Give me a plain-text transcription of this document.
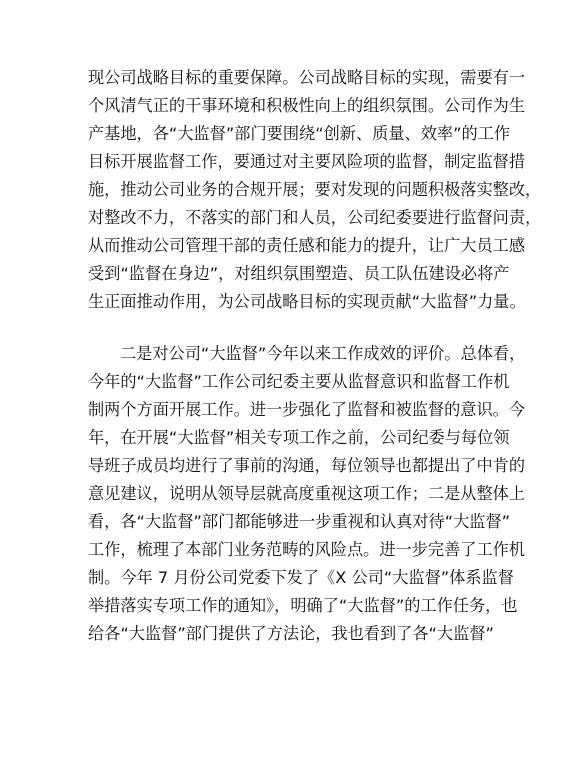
现公司战略目标的重要保障。公司战略目标的实现，需要有一
个风清气正的干事环境和积极性向上的组织氛围。公司作为生
产基地，各“大监督”部门要围绕“创新、质量、效率”的工作
目标开展监督工作，要通过对主要风险项的监督，制定监督措
施，推动公司业务的合规开展；要对发现的问题积极落实整改，
对整改不力，不落实的部门和人员，公司纪委要进行监督问责，
从而推动公司管理干部的责任感和能力的提升，让广大员工感
受到“监督在身边”，对组织氛围塑造、员工队伍建设必将产
生正面推动作用，为公司战略目标的实现贡献“大监督”力量。
二是对公司“大监督”今年以来工作成效的评价。总体看，
今年的“大监督”工作公司纪委主要从监督意识和监督工作机
制两个方面开展工作。进一步强化了监督和被监督的意识。今
年，在开展“大监督”相关专项工作之前，公司纪委与每位领
导班子成员均进行了事前的沟通，每位领导也都提出了中肯的
意见建议，说明从领导层就高度重视这项工作；二是从整体上
看，各“大监督”部门都能够进一步重视和认真对待“大监督”
工作，梳理了本部门业务范畴的风险点。进一步完善了工作机
制。今年 7 月份公司党委下发了《X 公司“大监督”体系监督
举措落实专项工作的通知》，明确了“大监督”的工作任务，也
给各“大监督”部门提供了方法论，我也看到了各“大监督”
